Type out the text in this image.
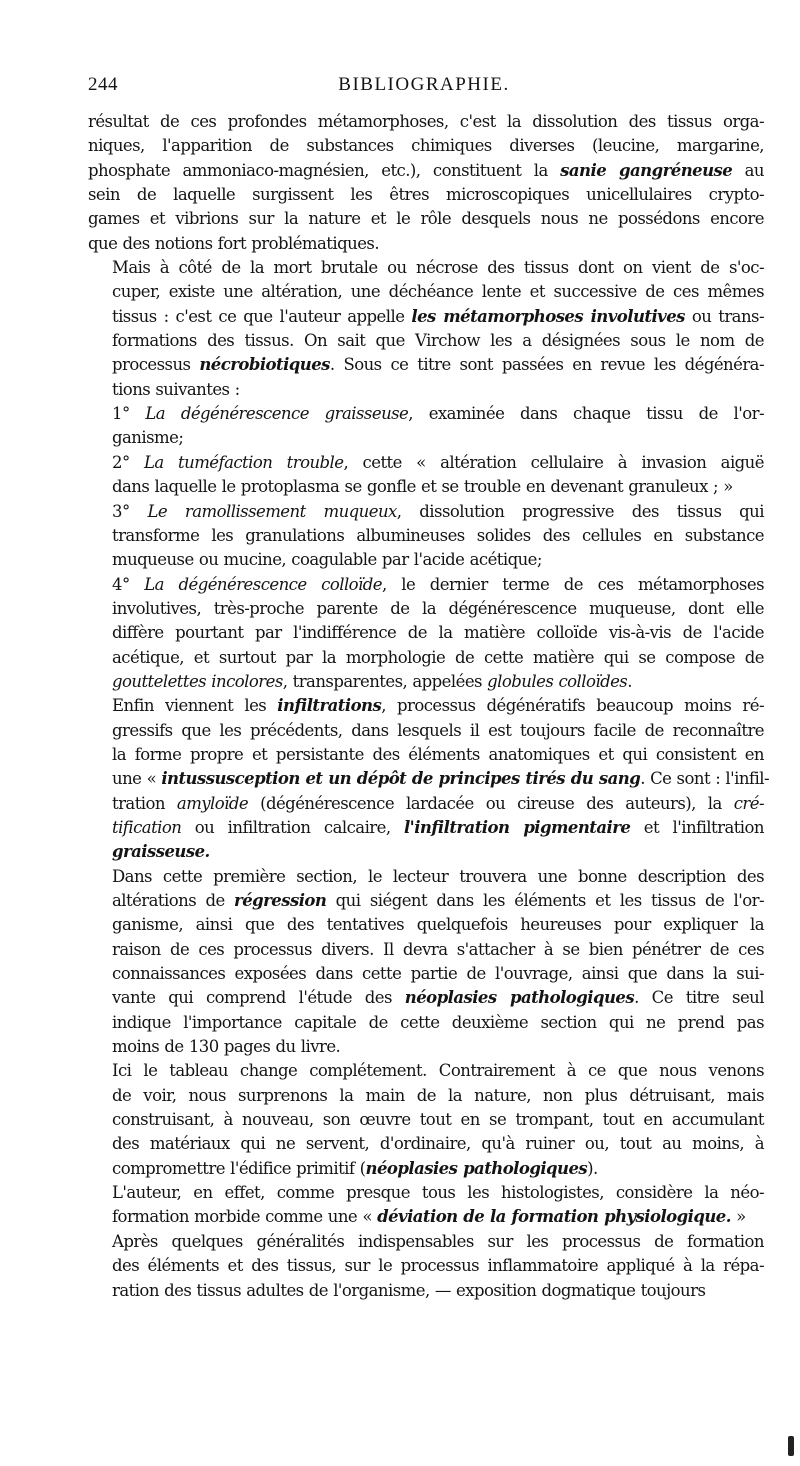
244	BIBLIOGRAPHIE.

résultat de ces profondes métamorphoses, c'est la dissolution des tissus orga-
niques, l'apparition de substances chimiques diverses (leucine, margarine,
phosphate ammoniaco-magnésien, etc.), constituent la sanie gangréneuse au
sein de laquelle surgissent les êtres microscopiques unicellulaires crypto-
games et vibrions sur la nature et le rôle desquels nous ne possédons encore
que des notions fort problématiques.

Mais à côté de la mort brutale ou nécrose des tissus dont on vient de s'oc-
cuper, existe une altération, une déchéance lente et successive de ces mêmes
tissus : c'est ce que l'auteur appelle les métamorphoses involutives ou trans-
formations des tissus. On sait que Virchow les a désignées sous le nom de
processus nécrobiotiques. Sous ce titre sont passées en revue les dégénéra-
tions suivantes :

1° La dégénérescence graisseuse, examinée dans chaque tissu de l'or-
ganisme;

2° La tuméfaction trouble, cette « altération cellulaire à invasion aiguë
dans laquelle le protoplasma se gonfle et se trouble en devenant granuleux ; »

3° Le ramollissement muqueux, dissolution progressive des tissus qui
transforme les granulations albumineuses solides des cellules en substance
muqueuse ou mucine, coagulable par l'acide acétique;

4° La dégénérescence colloïde, le dernier terme de ces métamorphoses
involutives, très-proche parente de la dégénérescence muqueuse, dont elle
diffère pourtant par l'indifférence de la matière colloïde vis-à-vis de l'acide
acétique, et surtout par la morphologie de cette matière qui se compose de
gouttelettes incolores, transparentes, appelées globules colloïdes.

Enfin viennent les infiltrations, processus dégénératifs beaucoup moins ré-
gressifs que les précédents, dans lesquels il est toujours facile de reconnaître
la forme propre et persistante des éléments anatomiques et qui consistent en
une « intussusception et un dépôt de principes tirés du sang. Ce sont : l'infil-
tration amyloïde (dégénérescence lardacée ou cireuse des auteurs), la cré-
tification ou infiltration calcaire, l'infiltration pigmentaire et l'infiltration
graisseuse.

Dans cette première section, le lecteur trouvera une bonne description des
altérations de régression qui siégent dans les éléments et les tissus de l'or-
ganisme, ainsi que des tentatives quelquefois heureuses pour expliquer la
raison de ces processus divers. Il devra s'attacher à se bien pénétrer de ces
connaissances exposées dans cette partie de l'ouvrage, ainsi que dans la sui-
vante qui comprend l'étude des néoplasies pathologiques. Ce titre seul
indique l'importance capitale de cette deuxième section qui ne prend pas
moins de 130 pages du livre.

Ici le tableau change complétement. Contrairement à ce que nous venons
de voir, nous surprenons la main de la nature, non plus détruisant, mais
construisant, à nouveau, son œuvre tout en se trompant, tout en accumulant
des matériaux qui ne servent, d'ordinaire, qu'à ruiner ou, tout au moins, à
compromettre l'édifice primitif (néoplasies pathologiques).

L'auteur, en effet, comme presque tous les histologistes, considère la néo-
formation morbide comme une « déviation de la formation physiologique. »

Après quelques généralités indispensables sur les processus de formation
des éléments et des tissus, sur le processus inflammatoire appliqué à la répa-
ration des tissus adultes de l'organisme, — exposition dogmatique toujours
